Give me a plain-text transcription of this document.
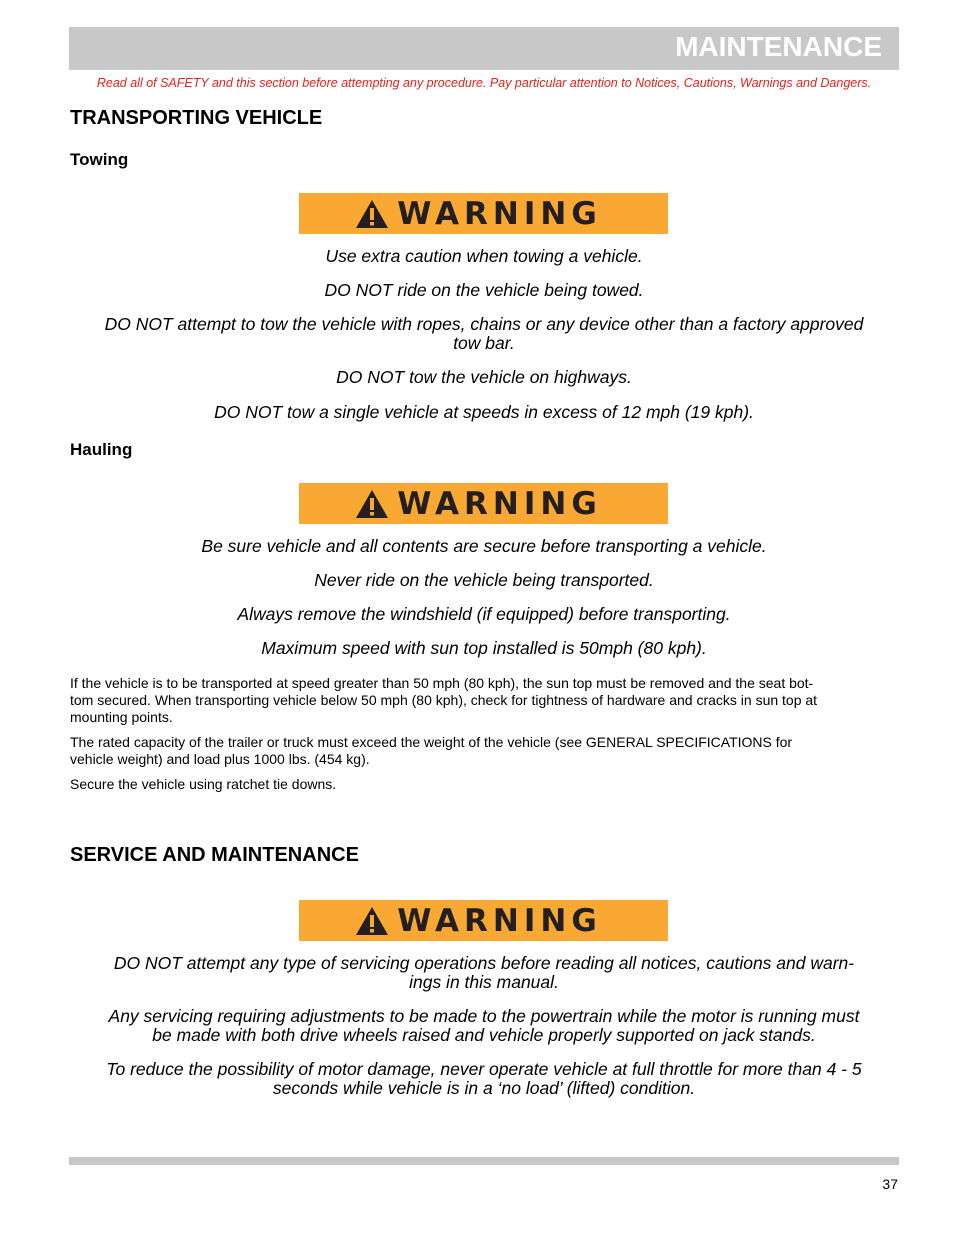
MAINTENANCE
Read all of SAFETY and this section before attempting any procedure. Pay particular attention to Notices, Cautions, Warnings and Dangers.
TRANSPORTING VEHICLE
Towing
WARNING
Use extra caution when towing a vehicle.
DO NOT ride on the vehicle being towed.
DO NOT attempt to tow the vehicle with ropes, chains or any device other than a factory approved
tow bar.
DO NOT tow the vehicle on highways.
DO NOT tow a single vehicle at speeds in excess of 12 mph (19 kph).
Hauling
WARNING
Be sure vehicle and all contents are secure before transporting a vehicle.
Never ride on the vehicle being transported.
Always remove the windshield (if equipped) before transporting.
Maximum speed with sun top installed is 50mph (80 kph).
If the vehicle is to be transported at speed greater than 50 mph (80 kph), the sun top must be removed and the seat bot-
tom secured. When transporting vehicle below 50 mph (80 kph), check for tightness of hardware and cracks in sun top at
mounting points.
The rated capacity of the trailer or truck must exceed the weight of the vehicle (see GENERAL SPECIFICATIONS for
vehicle weight) and load plus 1000 lbs. (454 kg).
Secure the vehicle using ratchet tie downs.
SERVICE AND MAINTENANCE
WARNING
DO NOT attempt any type of servicing operations before reading all notices, cautions and warn-
ings in this manual.
Any servicing requiring adjustments to be made to the powertrain while the motor is running must
be made with both drive wheels raised and vehicle properly supported on jack stands.
To reduce the possibility of motor damage, never operate vehicle at full throttle for more than 4 - 5
seconds while vehicle is in a ‘no load’ (lifted) condition.
37
